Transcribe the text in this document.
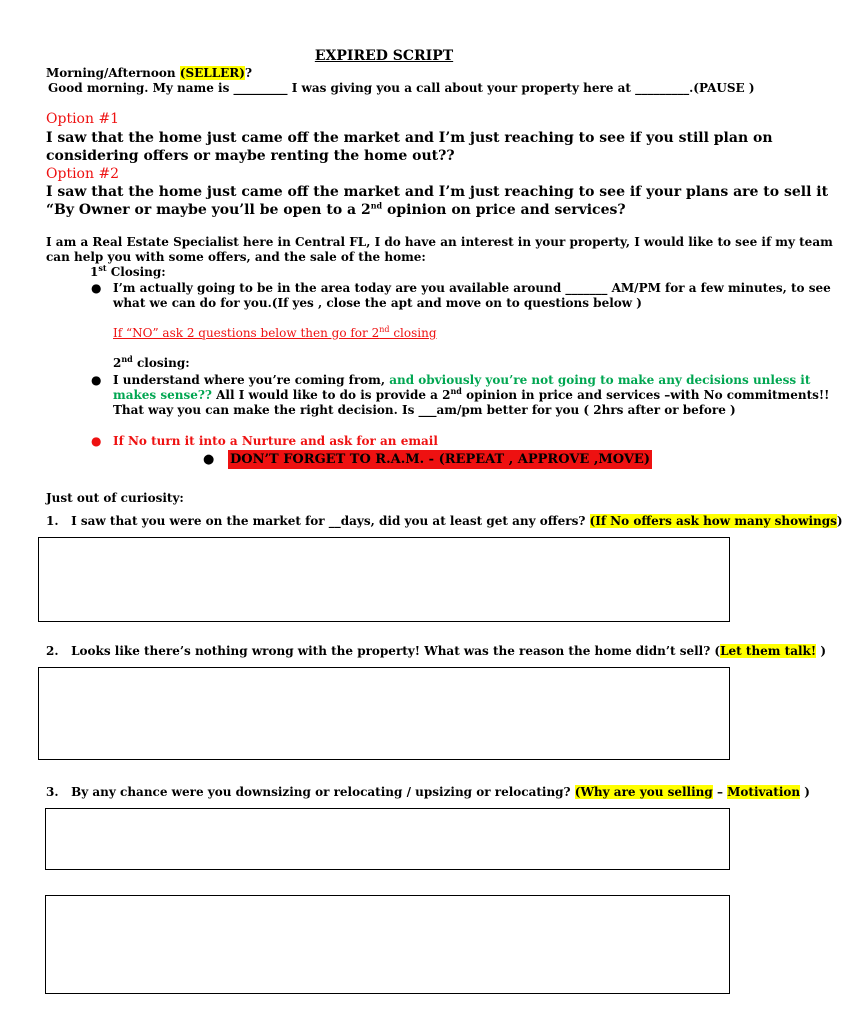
EXPIRED SCRIPT
Morning/Afternoon (SELLER)?
Good morning. My name is _________ I was giving you a call about your property here at _________.(PAUSE )
Option #1
I saw that the home just came off the market and I’m just reaching to see if you still plan on
considering offers or maybe renting the home out??
Option #2
I saw that the home just came off the market and I’m just reaching to see if your plans are to sell it
“By Owner or maybe you’ll be open to a 2nd opinion on price and services?
I am a Real Estate Specialist here in Central FL, I do have an interest in your property, I would like to see if my team
can help you with some offers, and the sale of the home:
1st Closing:
● I’m actually going to be in the area today are you available around _______ AM/PM for a few minutes, to see
what we can do for you.(If yes , close the apt and move on to questions below )
If “NO” ask 2 questions below then go for 2nd closing
2nd closing:
● I understand where you’re coming from, and obviously you’re not going to make any decisions unless it
makes sense?? All I would like to do is provide a 2nd opinion in price and services –with No commitments!!
That way you can make the right decision. Is ___am/pm better for you ( 2hrs after or before )
● If No turn it into a Nurture and ask for an email
● DON’T FORGET TO R.A.M. - (REPEAT , APPROVE ,MOVE)
Just out of curiosity:
1. I saw that you were on the market for __days, did you at least get any offers? (If No offers ask how many showings)
2. Looks like there’s nothing wrong with the property! What was the reason the home didn’t sell? (Let them talk! )
3. By any chance were you downsizing or relocating / upsizing or relocating? (Why are you selling – Motivation )
